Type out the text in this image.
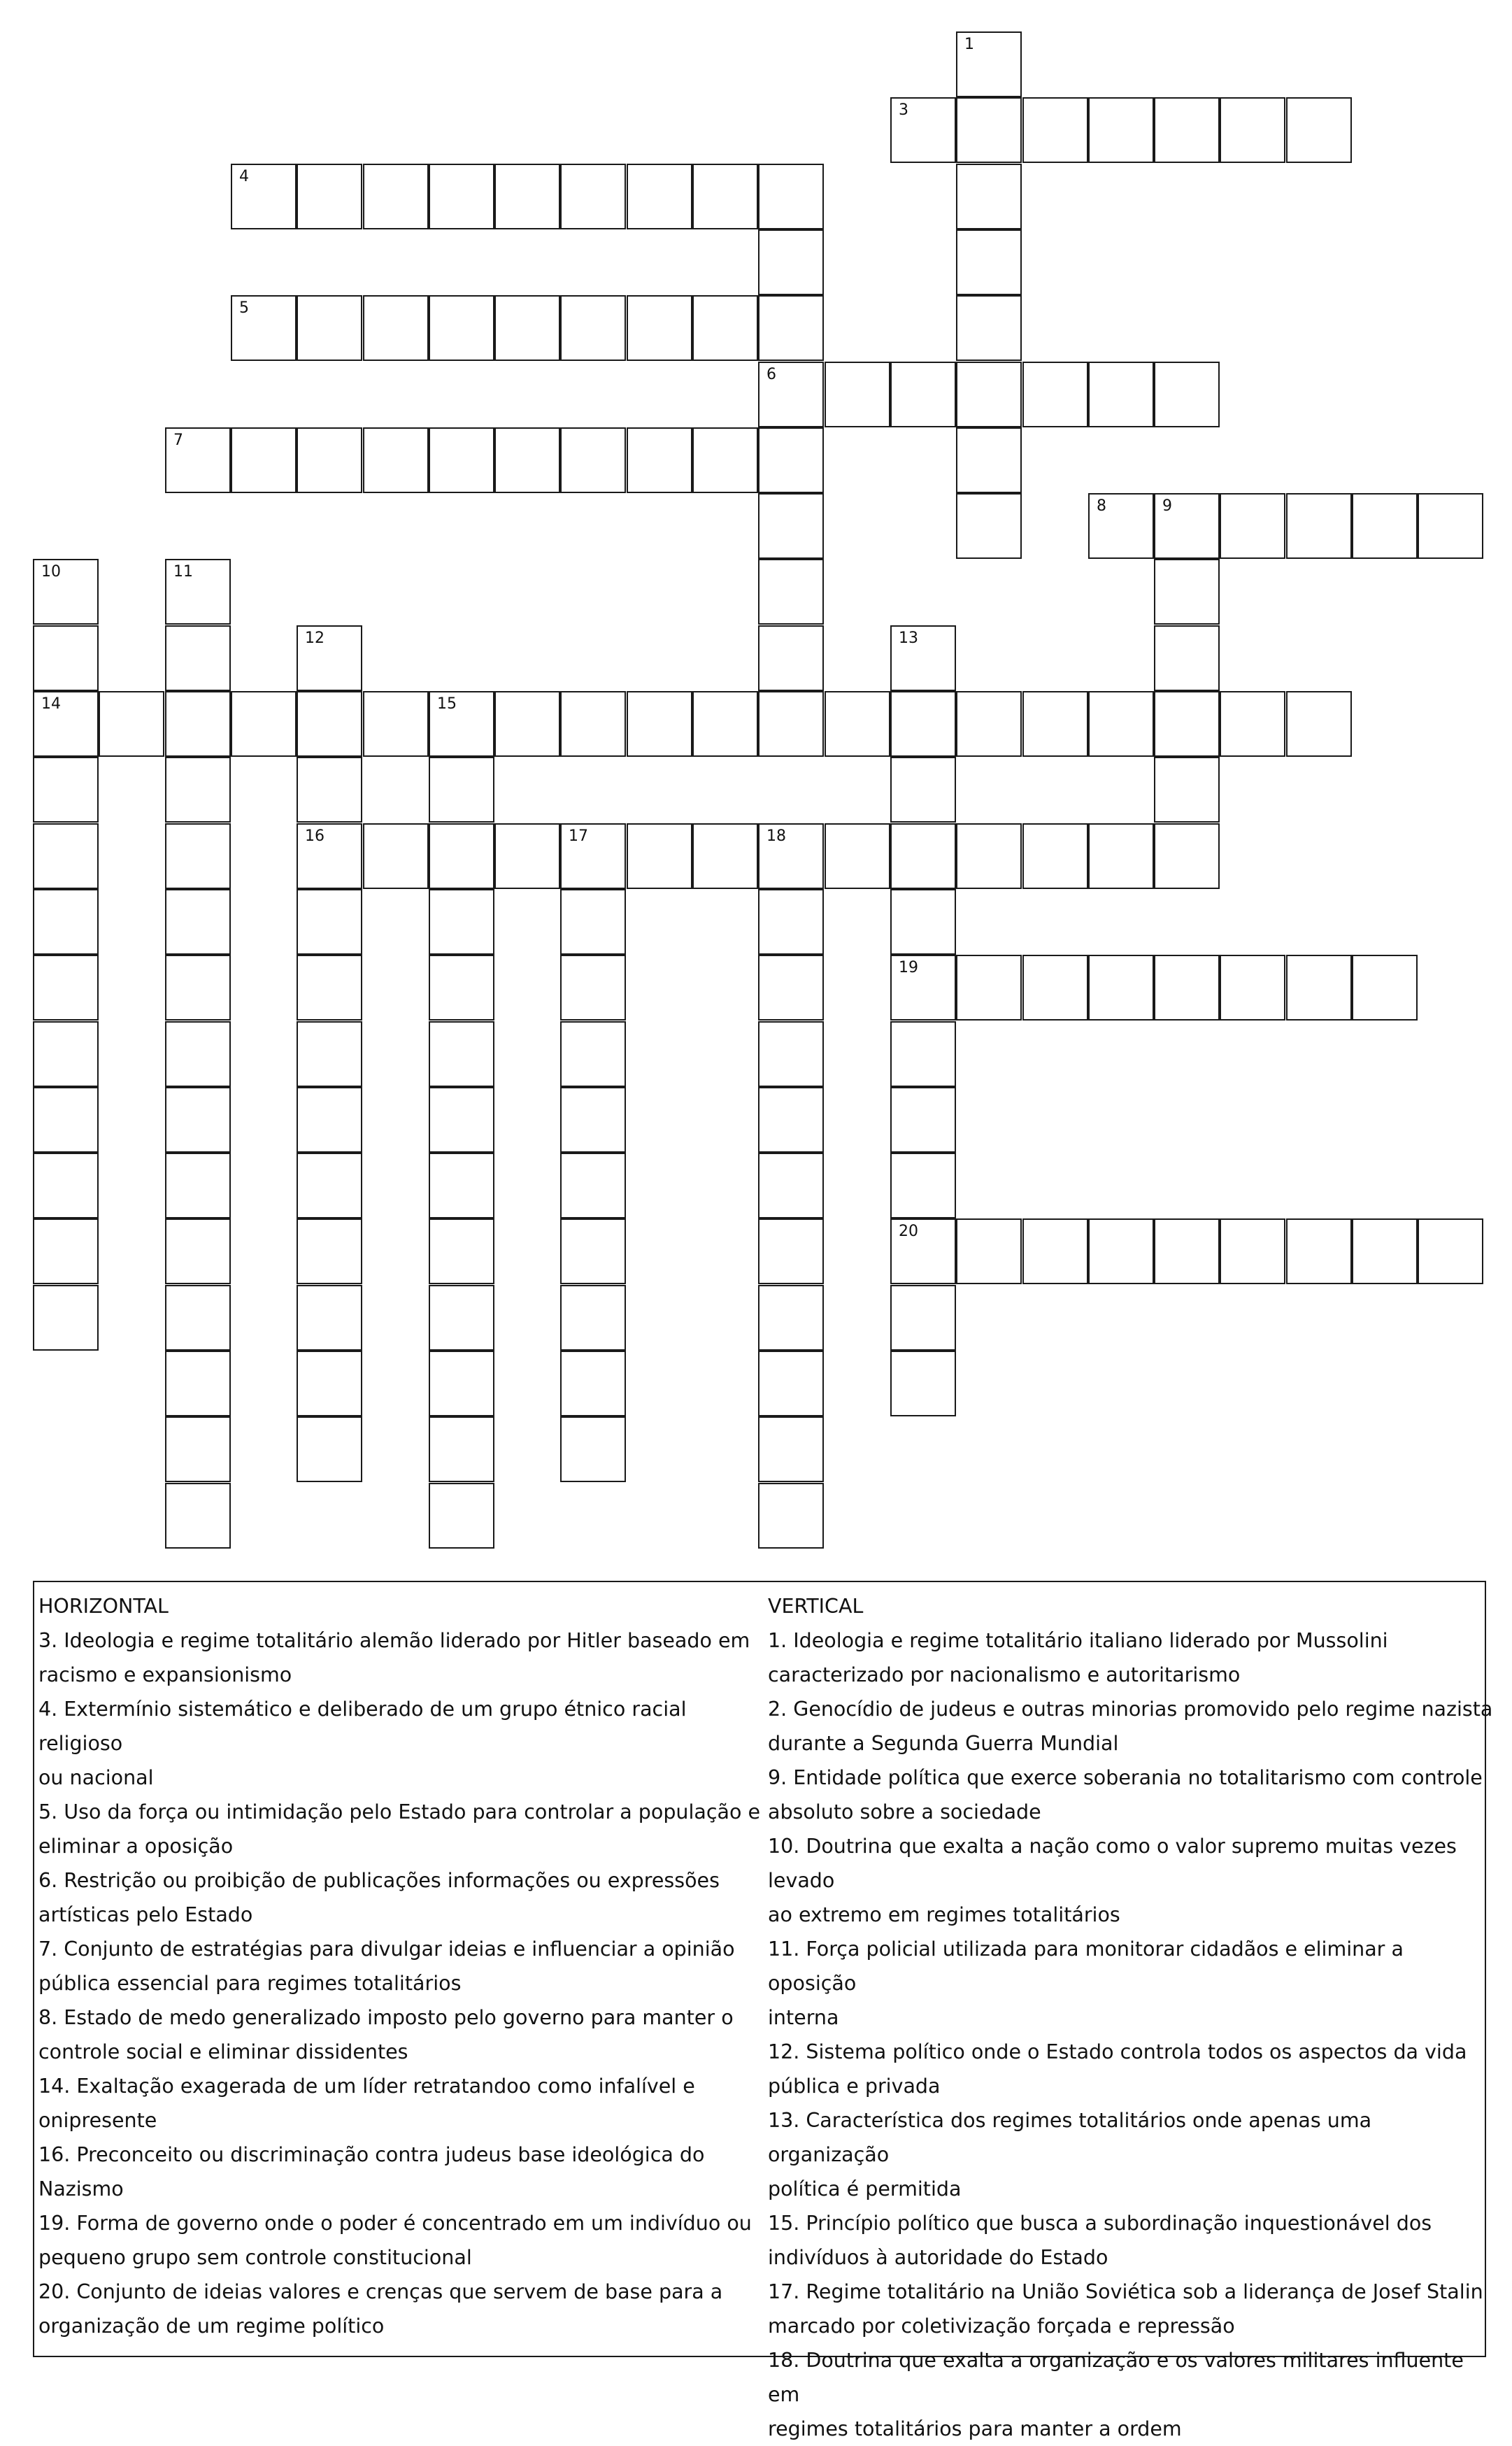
1
3
4
5
6
7
8	9
10	11
12	13
14	15
16	17	18
19
20
HORIZONTAL
3. Ideologia e regime totalitário alemão liderado por Hitler baseado em
racismo e expansionismo
4. Extermínio sistemático e deliberado de um grupo étnico racial religioso
ou nacional
5. Uso da força ou intimidação pelo Estado para controlar a população e
eliminar a oposição
6. Restrição ou proibição de publicações informações ou expressões
artísticas pelo Estado
7. Conjunto de estratégias para divulgar ideias e influenciar a opinião
pública essencial para regimes totalitários
8. Estado de medo generalizado imposto pelo governo para manter o
controle social e eliminar dissidentes
14. Exaltação exagerada de um líder retratandoo como infalível e
onipresente
16. Preconceito ou discriminação contra judeus base ideológica do Nazismo
19. Forma de governo onde o poder é concentrado em um indivíduo ou
pequeno grupo sem controle constitucional
20. Conjunto de ideias valores e crenças que servem de base para a
organização de um regime político
VERTICAL
1. Ideologia e regime totalitário italiano liderado por Mussolini
caracterizado por nacionalismo e autoritarismo
2. Genocídio de judeus e outras minorias promovido pelo regime nazista
durante a Segunda Guerra Mundial
9. Entidade política que exerce soberania no totalitarismo com controle
absoluto sobre a sociedade
10. Doutrina que exalta a nação como o valor supremo muitas vezes levado
ao extremo em regimes totalitários
11. Força policial utilizada para monitorar cidadãos e eliminar a oposição
interna
12. Sistema político onde o Estado controla todos os aspectos da vida
pública e privada
13. Característica dos regimes totalitários onde apenas uma organização
política é permitida
15. Princípio político que busca a subordinação inquestionável dos
indivíduos à autoridade do Estado
17. Regime totalitário na União Soviética sob a liderança de Josef Stalin
marcado por coletivização forçada e repressão
18. Doutrina que exalta a organização e os valores militares influente em
regimes totalitários para manter a ordem
